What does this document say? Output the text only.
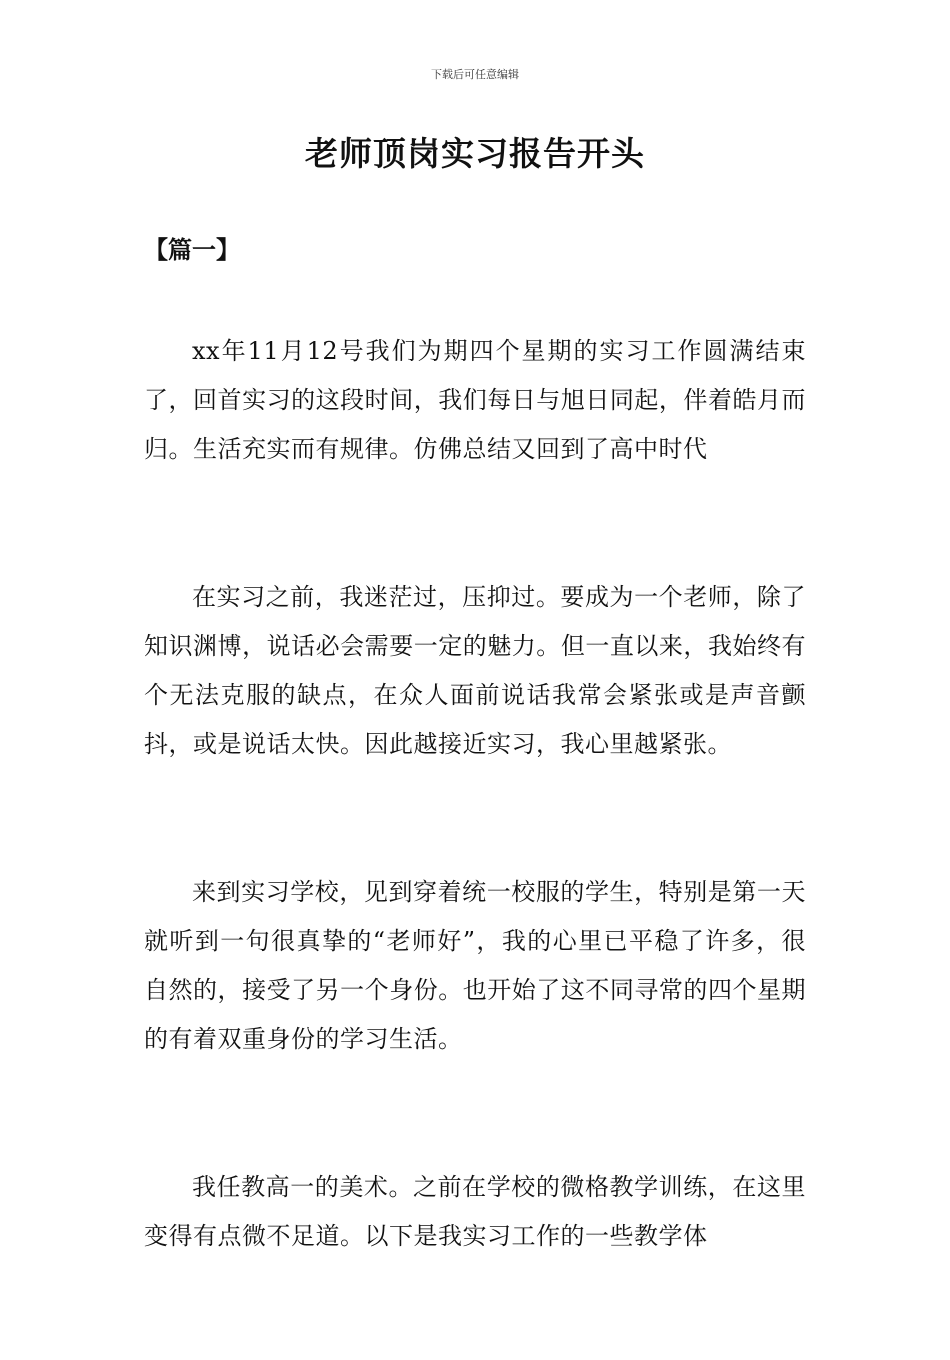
下载后可任意编辑
老师顶岗实习报告开头
【篇一】

xx年11月12号我们为期四个星期的实习工作圆满结束了，回首实习的这段时间，我们每日与旭日同起，伴着皓月而归。生活充实而有规律。仿佛总结又回到了高中时代

在实习之前，我迷茫过，压抑过。要成为一个老师，除了知识渊博，说话必会需要一定的魅力。但一直以来，我始终有个无法克服的缺点，在众人面前说话我常会紧张或是声音颤抖，或是说话太快。因此越接近实习，我心里越紧张。

来到实习学校，见到穿着统一校服的学生，特别是第一天就听到一句很真挚的“老师好”，我的心里已平稳了许多，很自然的，接受了另一个身份。也开始了这不同寻常的四个星期的有着双重身份的学习生活。

我任教高一的美术。之前在学校的微格教学训练，在这里变得有点微不足道。以下是我实习工作的一些教学体
